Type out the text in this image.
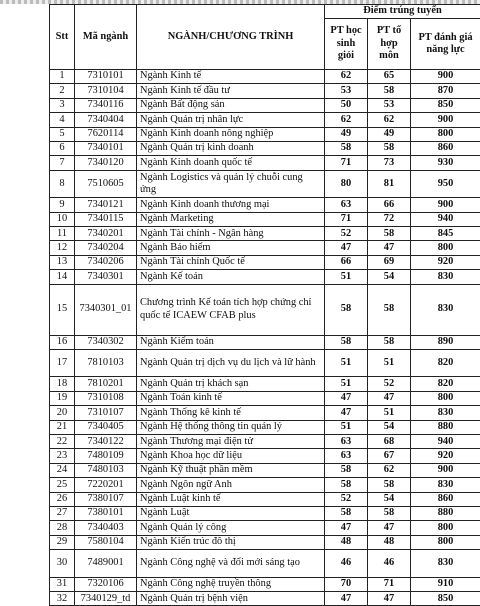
Stt	Mã ngành	NGÀNH/CHƯƠNG TRÌNH	Điểm trúng tuyển		
			PT học sinh giỏi	PT tổ hợp môn	PT đánh giá năng lực
1	7310101	Ngành Kinh tế	62	65	900
2	7310104	Ngành Kinh tế đầu tư	53	58	870
3	7340116	Ngành Bất động sản	50	53	850
4	7340404	Ngành Quản trị nhân lực	62	62	900
5	7620114	Ngành Kinh doanh nông nghiệp	49	49	800
6	7340101	Ngành Quản trị kinh doanh	58	58	860
7	7340120	Ngành Kinh doanh quốc tế	71	73	930
8	7510605	Ngành Logistics và quản lý chuỗi cung ứng	80	81	950
9	7340121	Ngành Kinh doanh thương mại	63	66	900
10	7340115	Ngành Marketing	71	72	940
11	7340201	Ngành Tài chính - Ngân hàng	52	58	845
12	7340204	Ngành Bảo hiểm	47	47	800
13	7340206	Ngành Tài chính Quốc tế	66	69	920
14	7340301	Ngành Kế toán	51	54	830
15	7340301_01	Chương trình Kế toán tích hợp chứng chỉ quốc tế ICAEW CFAB plus	58	58	830
16	7340302	Ngành Kiểm toán	58	58	890
17	7810103	Ngành Quản trị dịch vụ du lịch và lữ hành	51	51	820
18	7810201	Ngành Quản trị khách sạn	51	52	820
19	7310108	Ngành Toán kinh tế	47	47	800
20	7310107	Ngành Thống kê kinh tế	47	51	830
21	7340405	Ngành Hệ thống thông tin quản lý	51	54	880
22	7340122	Ngành Thương mại điện tử	63	68	940
23	7480109	Ngành Khoa học dữ liệu	63	67	920
24	7480103	Ngành Kỹ thuật phần mềm	58	62	900
25	7220201	Ngành Ngôn ngữ Anh	58	58	830
26	7380107	Ngành Luật kinh tế	52	54	860
27	7380101	Ngành Luật	58	58	880
28	7340403	Ngành Quản lý công	47	47	800
29	7580104	Ngành Kiến trúc đô thị	48	48	800
30	7489001	Ngành Công nghệ và đổi mới sáng tạo	46	46	830
31	7320106	Ngành Công nghệ truyền thông	70	71	910
32	7340129_td	Ngành Quản trị bệnh viện	47	47	850
